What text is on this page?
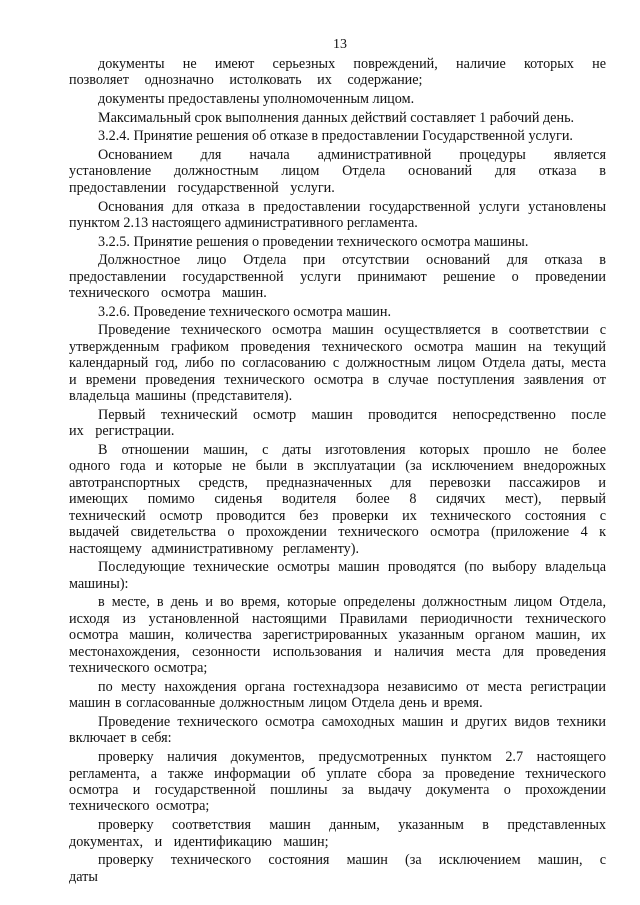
13

документы не имеют серьезных повреждений, наличие которых не позволяет однозначно истолковать их содержание;

документы предоставлены уполномоченным лицом.

Максимальный срок выполнения данных действий составляет 1 рабочий день.

3.2.4. Принятие решения об отказе в предоставлении Государственной услуги.

Основанием для начала административной процедуры является установление должностным лицом Отдела оснований для отказа в предоставлении государственной услуги.

Основания для отказа в предоставлении государственной услуги установлены пунктом 2.13 настоящего административного регламента.

3.2.5. Принятие решения о проведении технического осмотра машины.

Должностное лицо Отдела при отсутствии оснований для отказа в предоставлении государственной услуги принимают решение о проведении технического осмотра машин.

3.2.6. Проведение технического осмотра машин.

Проведение технического осмотра машин осуществляется в соответствии с утвержденным графиком проведения технического осмотра машин на текущий календарный год, либо по согласованию с должностным лицом Отдела даты, места и времени проведения технического осмотра в случае поступления заявления от владельца машины (представителя).

Первый технический осмотр машин проводится непосредственно после их регистрации.

В отношении машин, с даты изготовления которых прошло не более одного года и которые не были в эксплуатации (за исключением внедорожных автотранспортных средств, предназначенных для перевозки пассажиров и имеющих помимо сиденья водителя более 8 сидячих мест), первый технический осмотр проводится без проверки их технического состояния с выдачей свидетельства о прохождении технического осмотра (приложение 4 к настоящему административному регламенту).

Последующие технические осмотры машин проводятся (по выбору владельца машины):

в месте, в день и во время, которые определены должностным лицом Отдела, исходя из установленной настоящими Правилами периодичности технического осмотра машин, количества зарегистрированных указанным органом машин, их местонахождения, сезонности использования и наличия места для проведения технического осмотра;

по месту нахождения органа гостехнадзора независимо от места регистрации машин в согласованные должностным лицом Отдела день и время.

Проведение технического осмотра самоходных машин и других видов техники включает в себя:

проверку наличия документов, предусмотренных пунктом 2.7 настоящего регламента, а также информации об уплате сбора за проведение технического осмотра и государственной пошлины за выдачу документа о прохождении технического осмотра;

проверку соответствия машин данным, указанным в представленных документах, и идентификацию машин;

проверку технического состояния машин (за исключением машин, с даты
